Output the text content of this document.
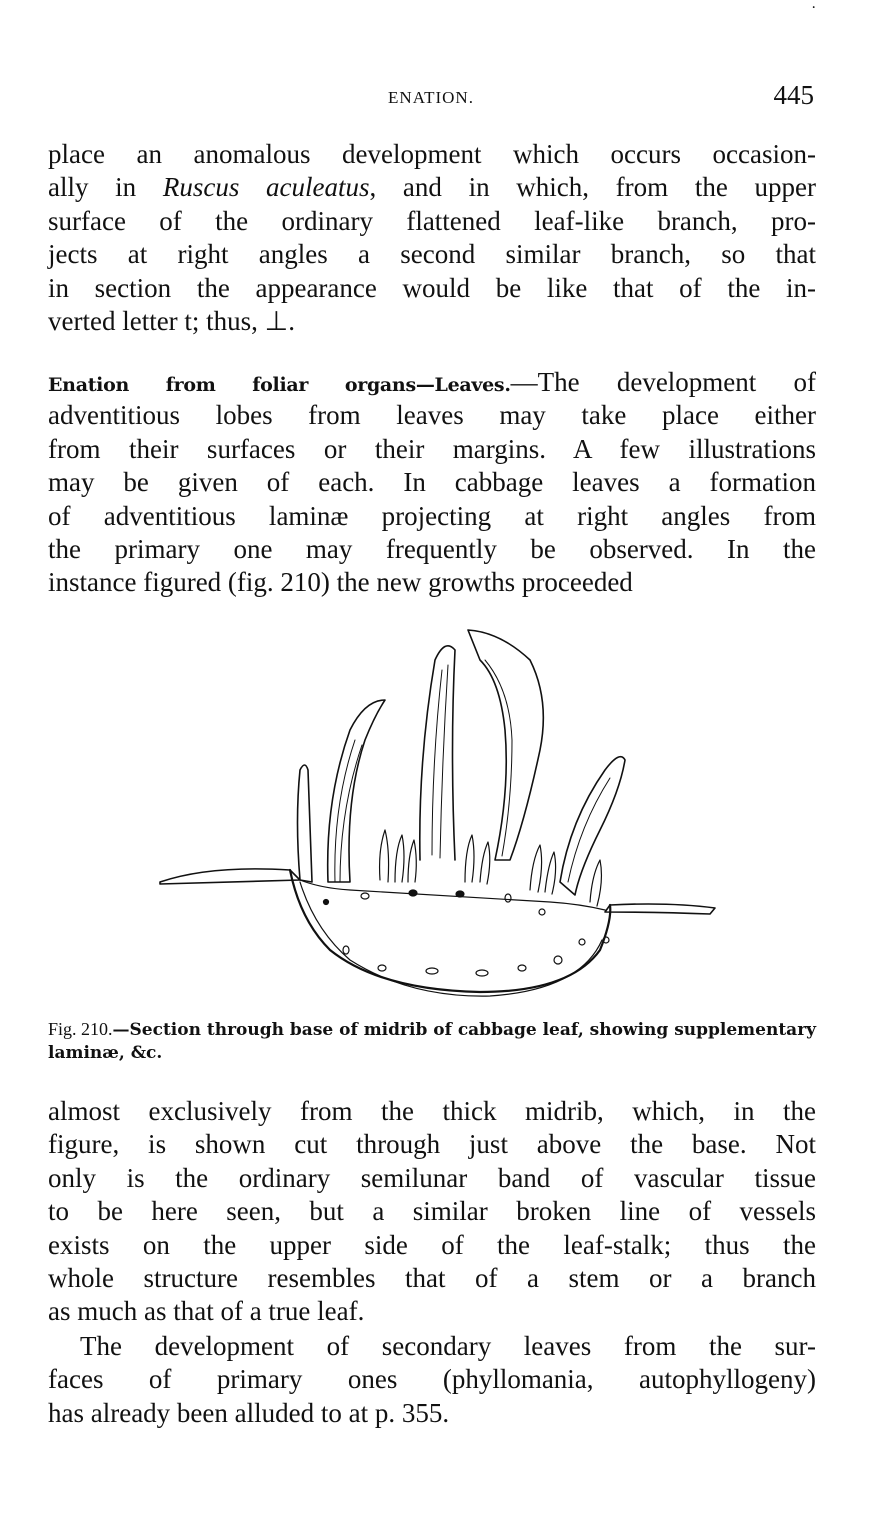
·
ENATION.	445
place an anomalous development which occurs occasion-
ally in Ruscus aculeatus, and in which, from the upper
surface of the ordinary flattened leaf-like branch, pro-
jects at right angles a second similar branch, so that
in section the appearance would be like that of the in-
verted letter t; thus, ⊥.
Enation from foliar organs—Leaves.—The development of
adventitious lobes from leaves may take place either
from their surfaces or their margins. A few illustrations
may be given of each. In cabbage leaves a formation
of adventitious laminæ projecting at right angles from
the primary one may frequently be observed. In the
instance figured (fig. 210) the new growths proceeded
Fig. 210.—Section through base of midrib of cabbage leaf, showing supplementary laminæ, &c.
almost exclusively from the thick midrib, which, in the
figure, is shown cut through just above the base. Not
only is the ordinary semilunar band of vascular tissue
to be here seen, but a similar broken line of vessels
exists on the upper side of the leaf-stalk; thus the
whole structure resembles that of a stem or a branch
as much as that of a true leaf.
The development of secondary leaves from the sur-
faces of primary ones (phyllomania, autophyllogeny)
has already been alluded to at p. 355.
